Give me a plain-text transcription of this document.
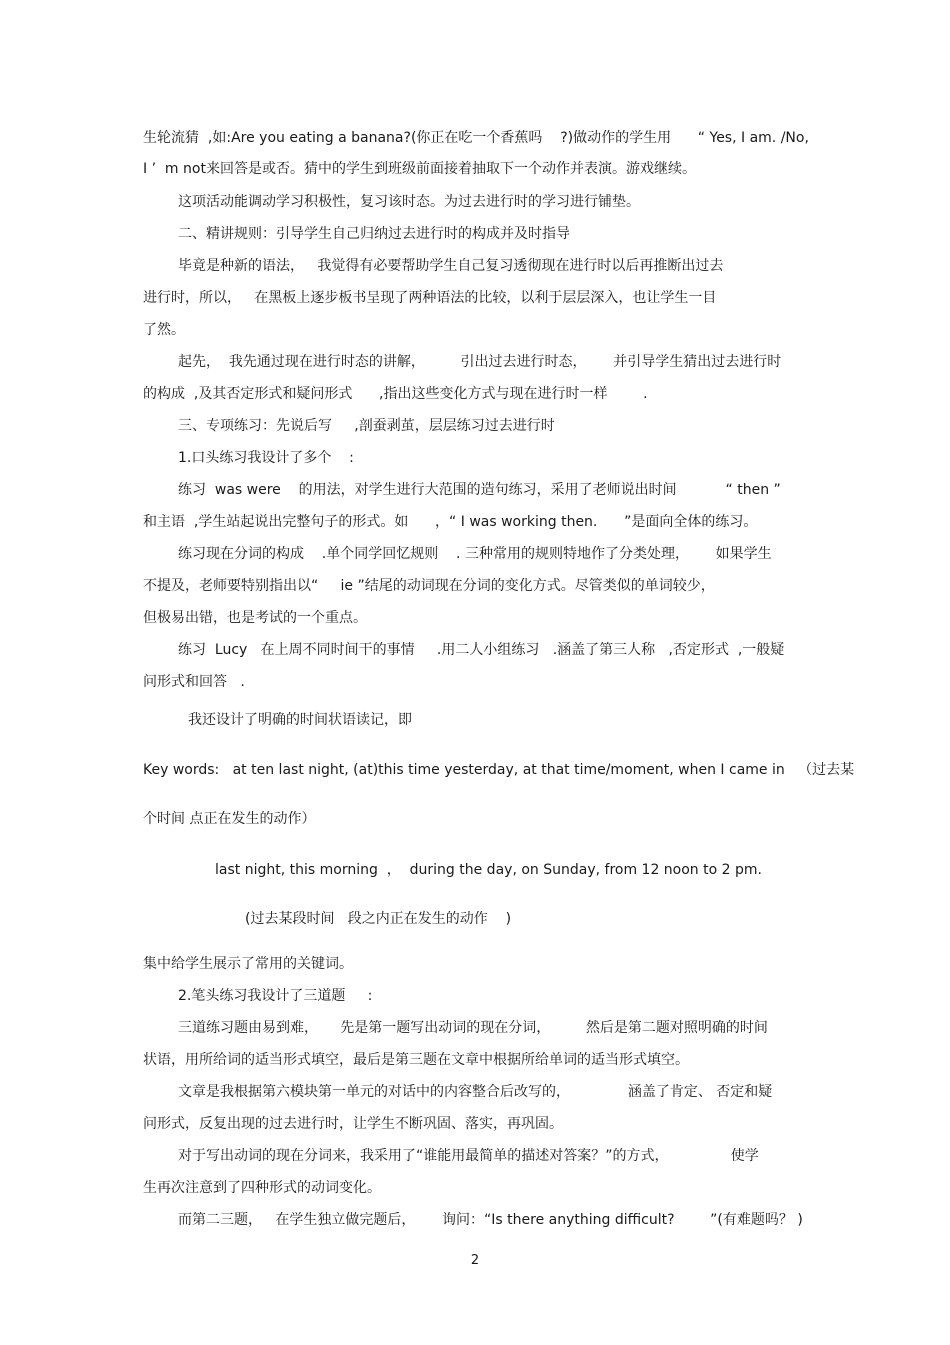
生轮流猜  ,如:Are you eating a banana?(你正在吃一个香蕉吗    ?)做动作的学生用      “ Yes, I am. /No,
I ’  m not来回答是或否。猜中的学生到班级前面接着抽取下一个动作并表演。游戏继续。
这项活动能调动学习积极性，复习该时态。为过去进行时的学习进行铺垫。
二、精讲规则：引导学生自己归纳过去进行时的构成并及时指导
毕竟是种新的语法，   我觉得有必要帮助学生自己复习透彻现在进行时以后再推断出过去
进行时，所以，   在黑板上逐步板书呈现了两种语法的比较，以利于层层深入，也让学生一目
了然。
起先，  我先通过现在进行时态的讲解，        引出过去进行时态，      并引导学生猜出过去进行时
的构成  ,及其否定形式和疑问形式      ,指出这些变化方式与现在进行时一样        .
三、专项练习：先说后写     ,剖蚕剥茧，层层练习过去进行时
1.口头练习我设计了多个    :
练习  was were    的用法，对学生进行大范围的造句练习，采用了老师说出时间           “ then ”
和主语  ,学生站起说出完整句子的形式。如      ，“ I was working then.      ”是面向全体的练习。
练习现在分词的构成    .单个同学回忆规则    . 三种常用的规则特地作了分类处理，      如果学生
不提及，老师要特别指出以“     ie ”结尾的动词现在分词的变化方式。尽管类似的单词较少，
但极易出错，也是考试的一个重点。
练习  Lucy   在上周不同时间干的事情     .用二人小组练习   .涵盖了第三人称   ,否定形式  ,一般疑
问形式和回答   .
我还设计了明确的时间状语读记，即
Key words:   at ten last night, (at)this time yesterday, at that time/moment, when I came in   （过去某
个时间 点正在发生的动作）
last night, this morning  ，  during the day, on Sunday, from 12 noon to 2 pm.
(过去某段时间   段之内正在发生的动作    )
集中给学生展示了常用的关键词。
2.笔头练习我设计了三道题     :
三道练习题由易到难，     先是第一题写出动词的现在分词，        然后是第二题对照明确的时间
状语，用所给词的适当形式填空，最后是第三题在文章中根据所给单词的适当形式填空。
文章是我根据第六模块第一单元的对话中的内容整合后改写的，             涵盖了肯定、 否定和疑
问形式，反复出现的过去进行时，让学生不断巩固、落实，再巩固。
对于写出动词的现在分词来，我采用了“谁能用最简单的描述对答案？”的方式，              使学
生再次注意到了四种形式的动词变化。
而第二三题，   在学生独立做完题后，      询问：“Is there anything difficult?        ”(有难题吗？ )
2
